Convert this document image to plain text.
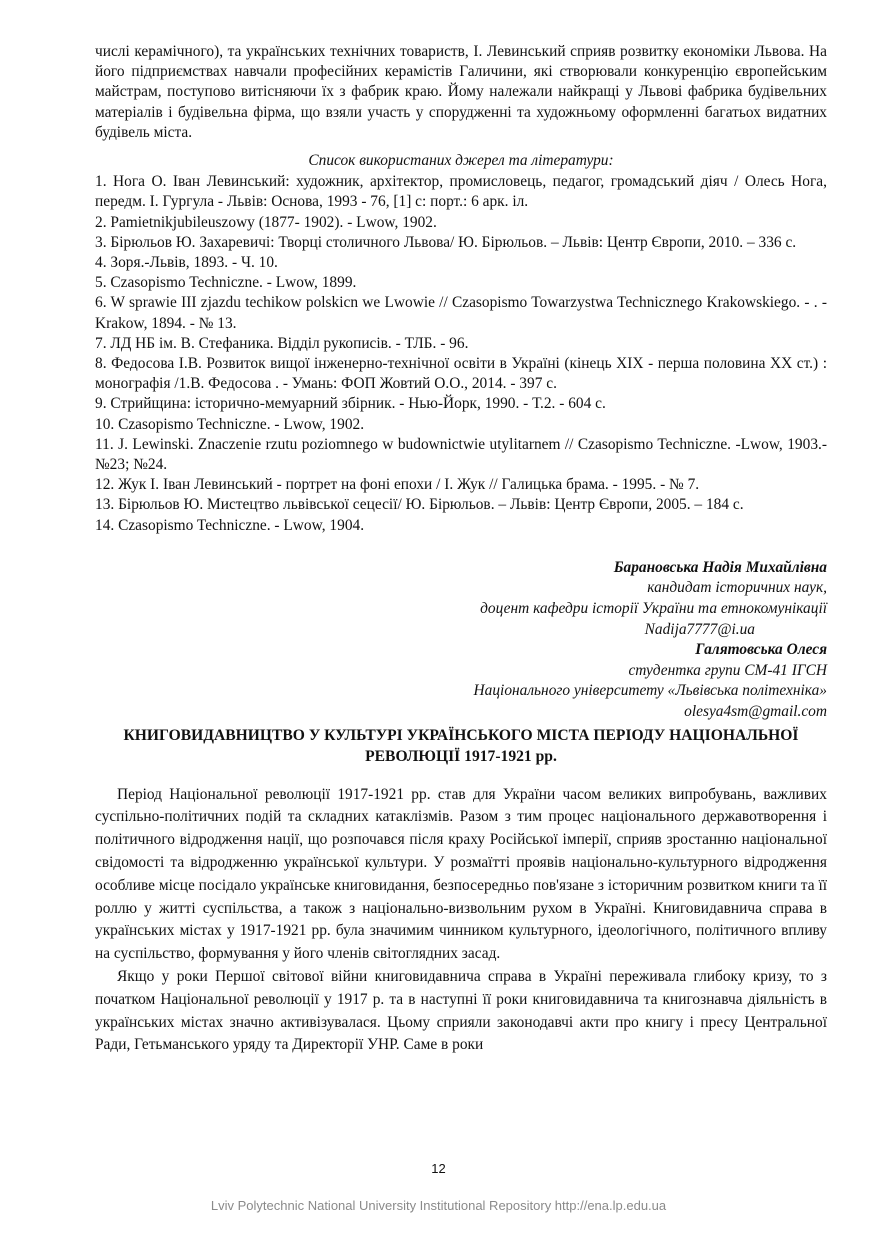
числі керамічного), та українських технічних товариств, І. Левинський сприяв розвитку економіки Львова. На його підприємствах навчали професійних керамістів Галичини, які створювали конкуренцію європейським майстрам, поступово витісняючи їх з фабрик краю. Йому належали найкращі у Львові фабрика будівельних матеріалів і будівельна фірма, що взяли участь у спорудженні та художньому оформленні багатьох видатних будівель міста.

Список використаних джерел та літератури:
1. Нога О. Іван Левинський: художник, архітектор, промисловець, педагог, громадський діяч / Олесь Нога, передм. І. Гургула - Львів: Основа, 1993 - 76, [1] с: порт.: 6 арк. іл.
2. Pamietnikjubileuszowy (1877- 1902). - Lwow, 1902.
3. Бірюльов Ю. Захаревичі: Творці столичного Львова/ Ю. Бірюльов. – Львів: Центр Європи, 2010. – 336 с.
4. Зоря.-Львів, 1893. - Ч. 10.
5. Czasopismo Techniczne. - Lwow, 1899.
6. W sprawie III zjazdu techikow polskicn we Lwowie // Czasopismo Towarzystwa Technicznego Krakowskiego. - . - Krakow, 1894. - № 13.
7. ЛД НБ ім. В. Стефаника. Відділ рукописів. - ТЛБ. - 96.
8. Федосова І.В. Розвиток вищої інженерно-технічної освіти в Україні (кінець XIX - перша половина XX ст.) : монографія /1.В. Федосова . - Умань: ФОП Жовтий О.О., 2014. - 397 с.
9. Стрийщина: історично-мемуарний збірник. - Нью-Йорк, 1990. - Т.2. - 604 с.
10. Czasopismo Techniczne. - Lwow, 1902.
11. J. Lewinski. Znaczenie rzutu poziomnego w budownictwie utylitarnem // Czasopismo Techniczne. -Lwow, 1903.-№23; №24.
12. Жук І. Іван Левинський - портрет на фоні епохи / І. Жук // Галицька брама. - 1995. - № 7.
13. Бірюльов Ю. Мистецтво львівської сецесії/ Ю. Бірюльов. – Львів: Центр Європи, 2005. – 184 с.
14. Czasopismo Techniczne. - Lwow, 1904.
Барановська Надія Михайлівна
кандидат історичних наук,
доцент кафедри історії України та етнокомунікації
Nadija7777@i.ua
Галятовська Олеся
студентка групи СМ-41 ІГСН
Національного університету «Львівська політехніка»
olesya4sm@gmail.com
КНИГОВИДАВНИЦТВО У КУЛЬТУРІ УКРАЇНСЬКОГО МІСТА ПЕРІОДУ НАЦІОНАЛЬНОЇ РЕВОЛЮЦІЇ 1917-1921 рр.

Період Національної революції 1917-1921 рр. став для України часом великих випробувань, важливих суспільно-політичних подій та складних катаклізмів. Разом з тим процес національного державотворення і політичного відродження нації, що розпочався після краху Російської імперії, сприяв зростанню національної свідомості та відродженню української культури. У розмаїтті проявів національно-культурного відродження особливе місце посідало українське книговидання, безпосередньо пов'язане з історичним розвитком книги та її роллю у житті суспільства, а також з національно-визвольним рухом в Україні. Книговидавнича справа в українських містах у 1917-1921 рр. була значимим чинником культурного, ідеологічного, політичного впливу на суспільство, формування у його членів світоглядних засад.

Якщо у роки Першої світової війни книговидавнича справа в Україні переживала глибоку кризу, то з початком Національної революції у 1917 р. та в наступні її роки книговидавнича та книгознавча діяльність в українських містах значно активізувалася. Цьому сприяли законодавчі акти про книгу і пресу Центральної Ради, Гетьманського уряду та Директорії УНР. Саме в роки

12
Lviv Polytechnic National University Institutional Repository http://ena.lp.edu.ua
